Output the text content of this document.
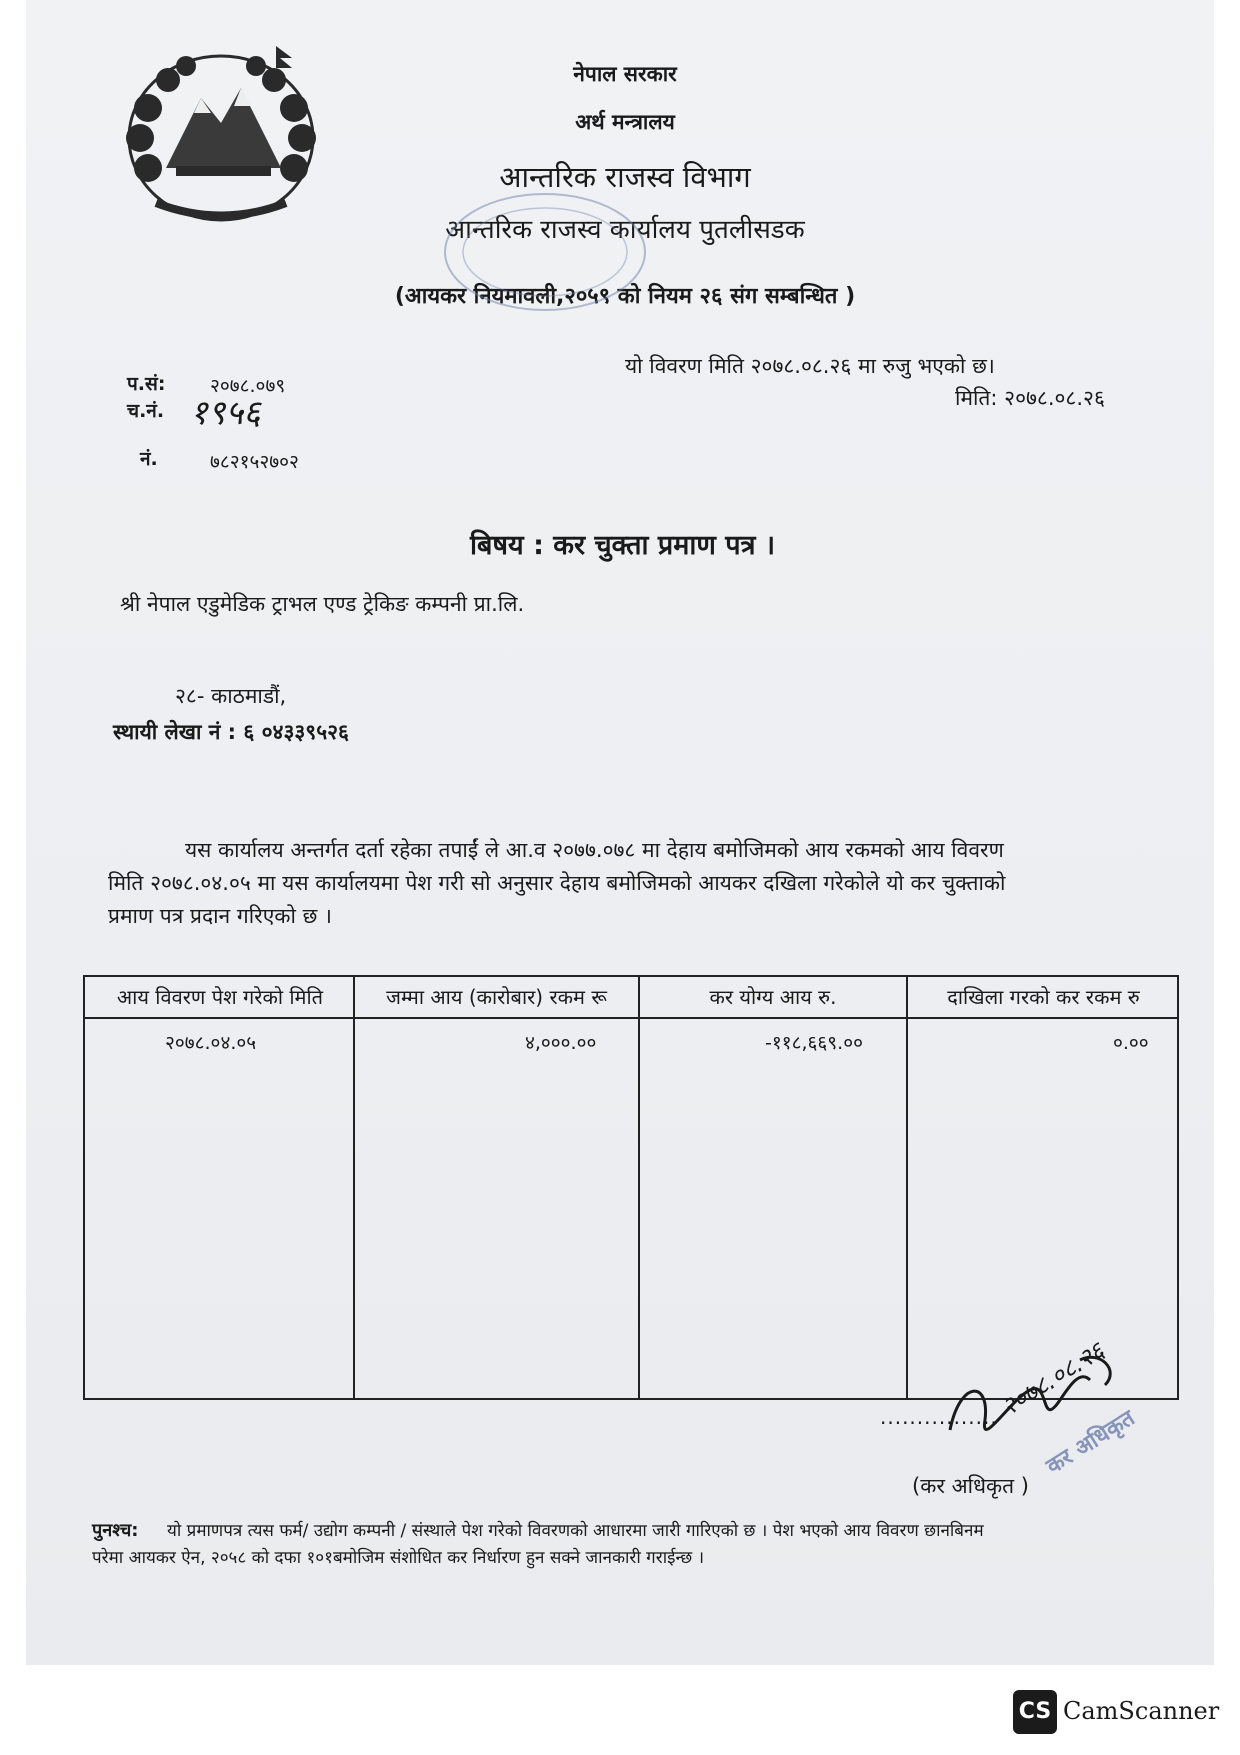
नेपाल सरकार
अर्थ मन्त्रालय
आन्तरिक राजस्व विभाग
आन्तरिक राजस्व कार्यालय पुतलीसडक
(आयकर नियमावली,२०५९ को नियम २६ संग सम्बन्धित )
प.सं: २०७८.०७९
च.नं. १९५६
नं.	७८२१५२७०२
यो विवरण मिति २०७८.०८.२६ मा रुजु भएको छ।
मिति: २०७८.०८.२६
बिषय : कर चुक्ता प्रमाण पत्र ।
श्री नेपाल एडुमेडिक ट्राभल एण्ड ट्रेकिङ कम्पनी प्रा.लि.
२८- काठमाडौं,
स्थायी लेखा नं : ६ ०४३३९५२६
यस कार्यालय अन्तर्गत दर्ता रहेका तपाईं ले आ.व २०७७.०७८ मा देहाय बमोजिमको आय रकमको आय विवरण
मिति २०७८.०४.०५ मा यस कार्यालयमा पेश गरी सो अनुसार देहाय बमोजिमको आयकर दखिला गरेकोले यो कर चुक्ताको
प्रमाण पत्र प्रदान गरिएको छ ।
आय विवरण पेश गरेको मिति	जम्मा आय (कारोबार) रकम रू	कर योग्य आय रु.	दाखिला गरको कर रकम रु
२०७८.०४.०५	४,०००.००	-११८,६६९.००	०.००
................
२०७८.०८.२६
कर अधिकृत
(कर अधिकृत )
पुनश्च: यो प्रमाणपत्र त्यस फर्म/ उद्योग कम्पनी / संस्थाले पेश गरेको विवरणको आधारमा जारी गारिएको छ । पेश भएको आय विवरण छानबिनम
परेमा आयकर ऐन, २०५८ को दफा १०१बमोजिम संशोधित कर निर्धारण हुन सक्ने जानकारी गराईन्छ ।
CS CamScanner
